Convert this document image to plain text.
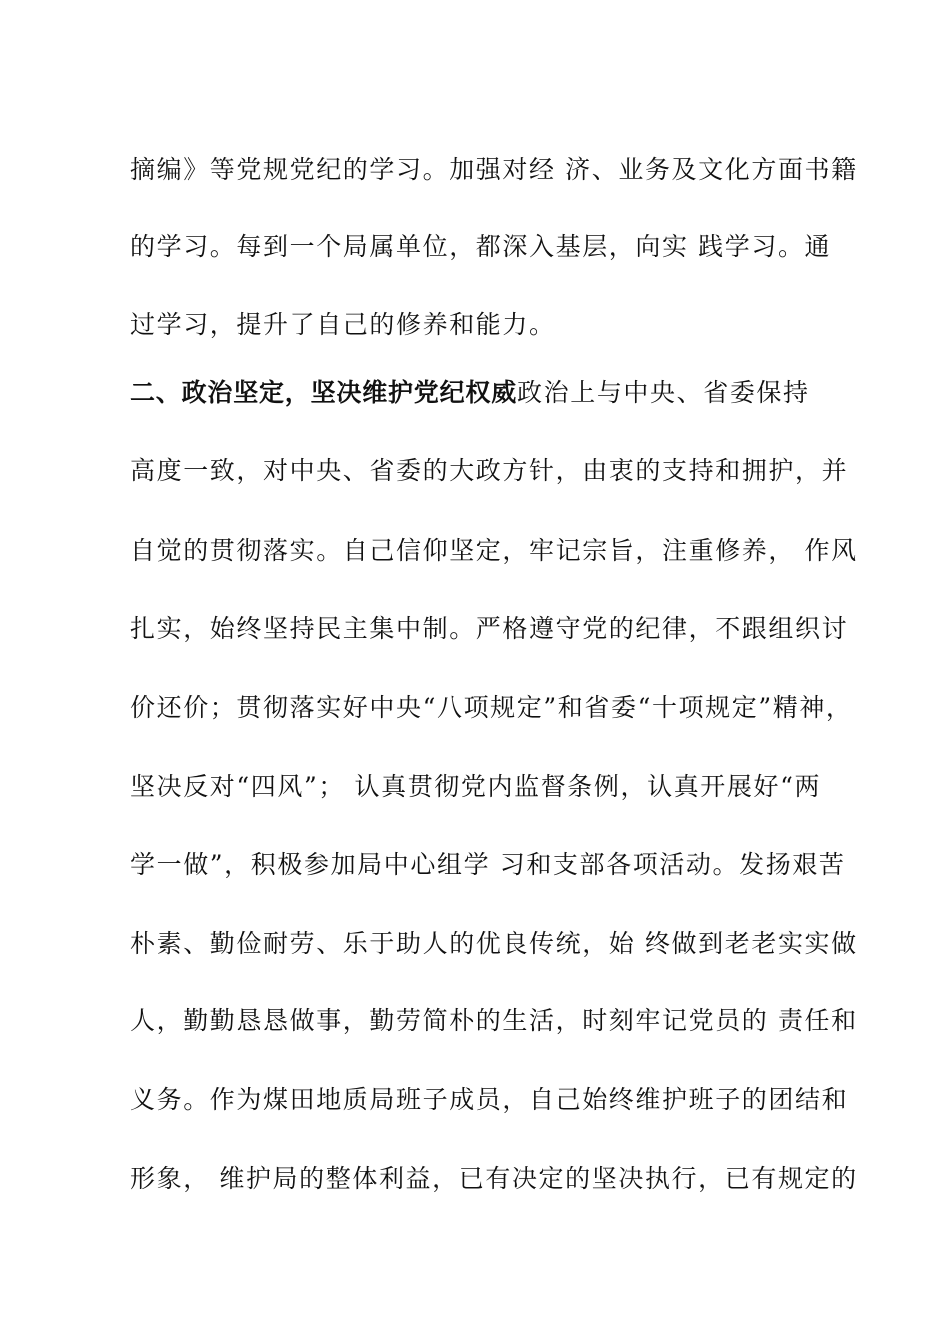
摘编》等党规党纪的学习。加强对经 济、业务及文化方面书籍
的学习。每到一个局属单位，都深入基层，向实 践学习。通
过学习，提升了自己的修养和能力。
二、政治坚定，坚决维护党纪权威政治上与中央、省委保持
高度一致，对中央、省委的大政方针，由衷的支持和拥护，并
自觉的贯彻落实。自己信仰坚定，牢记宗旨，注重修养， 作风
扎实，始终坚持民主集中制。严格遵守党的纪律，不跟组织讨
价还价；贯彻落实好中央“八项规定”和省委“十项规定”精神，
坚决反对“四风”； 认真贯彻党内监督条例，认真开展好“两
学一做”，积极参加局中心组学 习和支部各项活动。发扬艰苦
朴素、勤俭耐劳、乐于助人的优良传统，始 终做到老老实实做
人，勤勤恳恳做事，勤劳简朴的生活，时刻牢记党员的 责任和
义务。作为煤田地质局班子成员，自己始终维护班子的团结和
形象， 维护局的整体利益，已有决定的坚决执行，已有规定的
